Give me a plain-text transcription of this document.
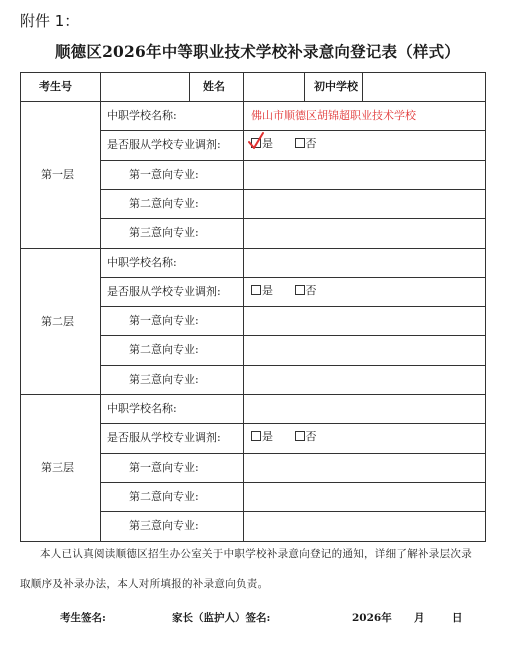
附件 1：
顺德区2026年中等职业技术学校补录意向登记表（样式）
考生号	姓名	初中学校
第一层
中职学校名称:	佛山市顺德区胡锦超职业技术学校
是否服从学校专业调剂:	是	否
第一意向专业:
第二意向专业:
第三意向专业:
第二层
中职学校名称:
是否服从学校专业调剂:	是	否
第一意向专业:
第二意向专业:
第三意向专业:
第三层
中职学校名称:
是否服从学校专业调剂:	是	否
第一意向专业:
第二意向专业:
第三意向专业:
本人已认真阅读顺德区招生办公室关于中职学校补录意向登记的通知，详细了解补录层次录
取顺序及补录办法，本人对所填报的补录意向负责。
考生签名:	家长（监护人）签名:	2026年 月	日
